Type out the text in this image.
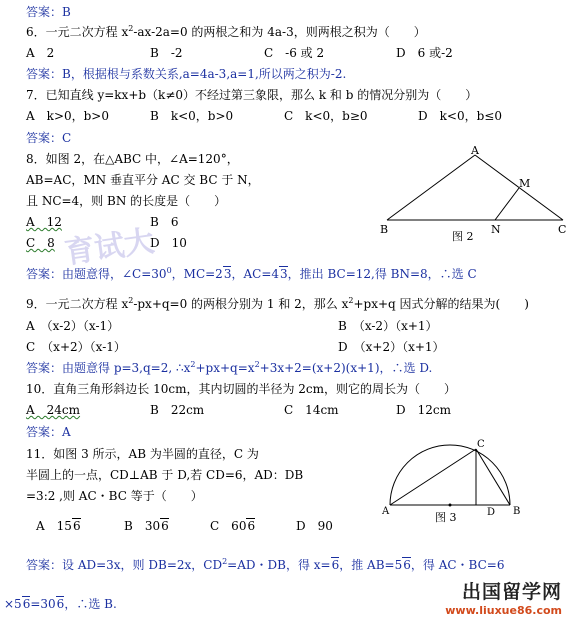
答案：B
6．一元二次方程 $x^2-ax-2a=0$ 的两根之和为 4a-3，则两根之积为（　　）
A　2	B　-2	C　-6 或 2	D　6 或-2
答案：B，根据根与系数关系,a=4a-3,a=1,所以两之积为-2.
7．已知直线 y=kx+b（k≠0）不经过第三象限，那么 k 和 b 的情况分别为（　　）
A　k>0，b>0	B　k<0，b>0	C　k<0，b≥0	D　k<0，b≤0
答案：C
8．如图 2，在△ABC 中，∠A=120°，
AB=AC，MN 垂直平分 AC 交 BC 于 N，
且 NC=4，则 BN 的长度是（　　）
A　12	B　6
C　8	D　10
A
B	C
M
N
图 2
育试大
答案：由题意得，$\angle C=30^0$，MC=23，AC=43，推出 BC=12,得 BN=8，∴选 C
9．一元二次方程 $x^2-px+q=0$ 的两根分别为 1 和 2，那么 $x^2+px+q$ 因式分解的结果为(　　)
A　（x-2）（x-1）	B　（x-2）（x+1）
C　（x+2）（x-1）	D　（x+2）（x+1）
答案：由题意得 p=3,q=2, $\therefore x^2+px+q=x^2+3x+2=(x+2)(x+1)$，∴选 D.
10．直角三角形斜边长 10cm，其内切圆的半径为 2cm，则它的周长为（　　）
A　24cm	B　22cm	C　14cm	D　12cm
答案：A
11．如图 3 所示，AB 为半圆的直径，C 为
半圆上的一点，CD⊥AB 于 D,若 CD=6，AD：DB
=3:2 ,则 AC・BC 等于（　　）
A　156	B　306	C　606	D　90
C
A	B
D
图 3
答案：设 AD=3x，则 DB=2x，$CD^2=AD$・DB，得 x=6，推 AB=56，得 AC・BC=6
×56=306，∴选 B.
出国留学网
www.liuxue86.com
